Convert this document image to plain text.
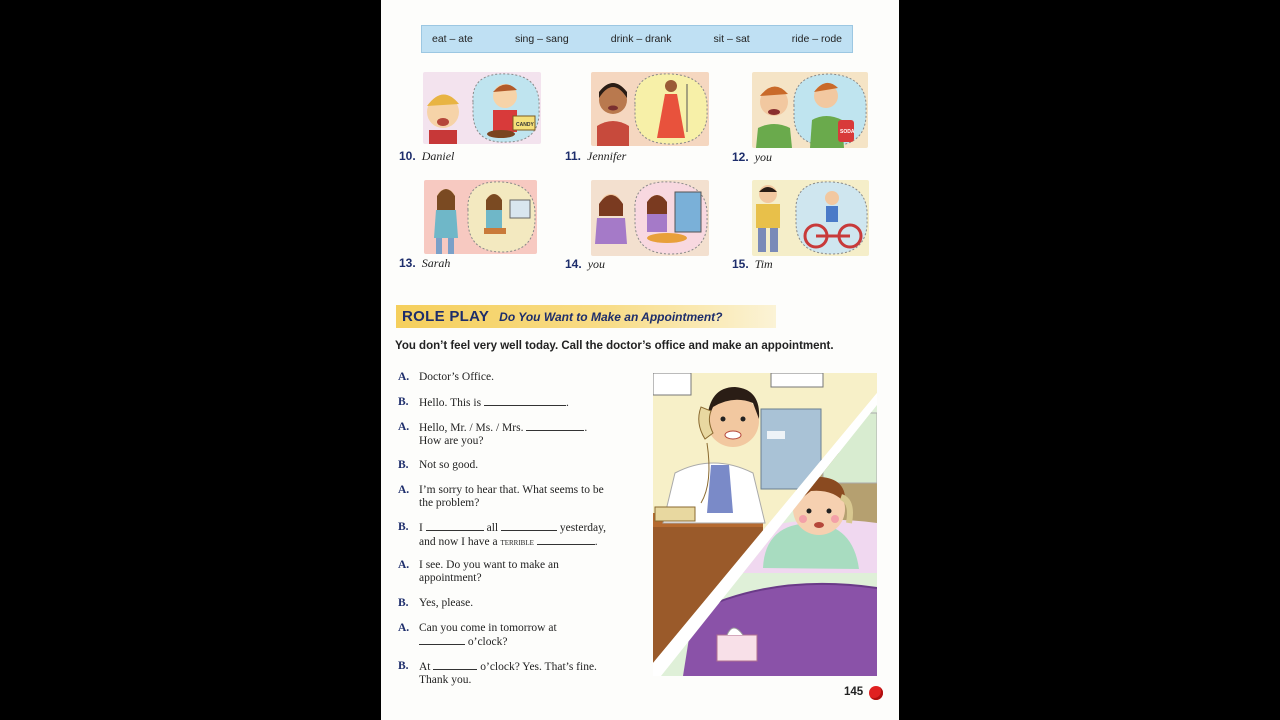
eat – ate	sing – sang	drink – drank	sit – sat	ride – rode
CANDY
10. Daniel	11. Jennifer
SODA
12. you
13. Sarah	14. you	15. Tim
ROLE PLAY Do You Want to Make an Appointment?
You don’t feel very well today. Call the doctor’s office and make an appointment.
A. Doctor’s Office.
B. Hello. This is	.
A. Hello, Mr. / Ms. / Mrs.	.
How are you?
B. Not so good.
A. I’m sorry to hear that. What seems to be
the problem?
B. I	all	yesterday,
and now I have a terrible	.
A. I see. Do you want to make an
appointment?
B. Yes, please.
A. Can you come in tomorrow at
o’clock?
B. At	o’clock? Yes. That’s fine.
Thank you.
145
